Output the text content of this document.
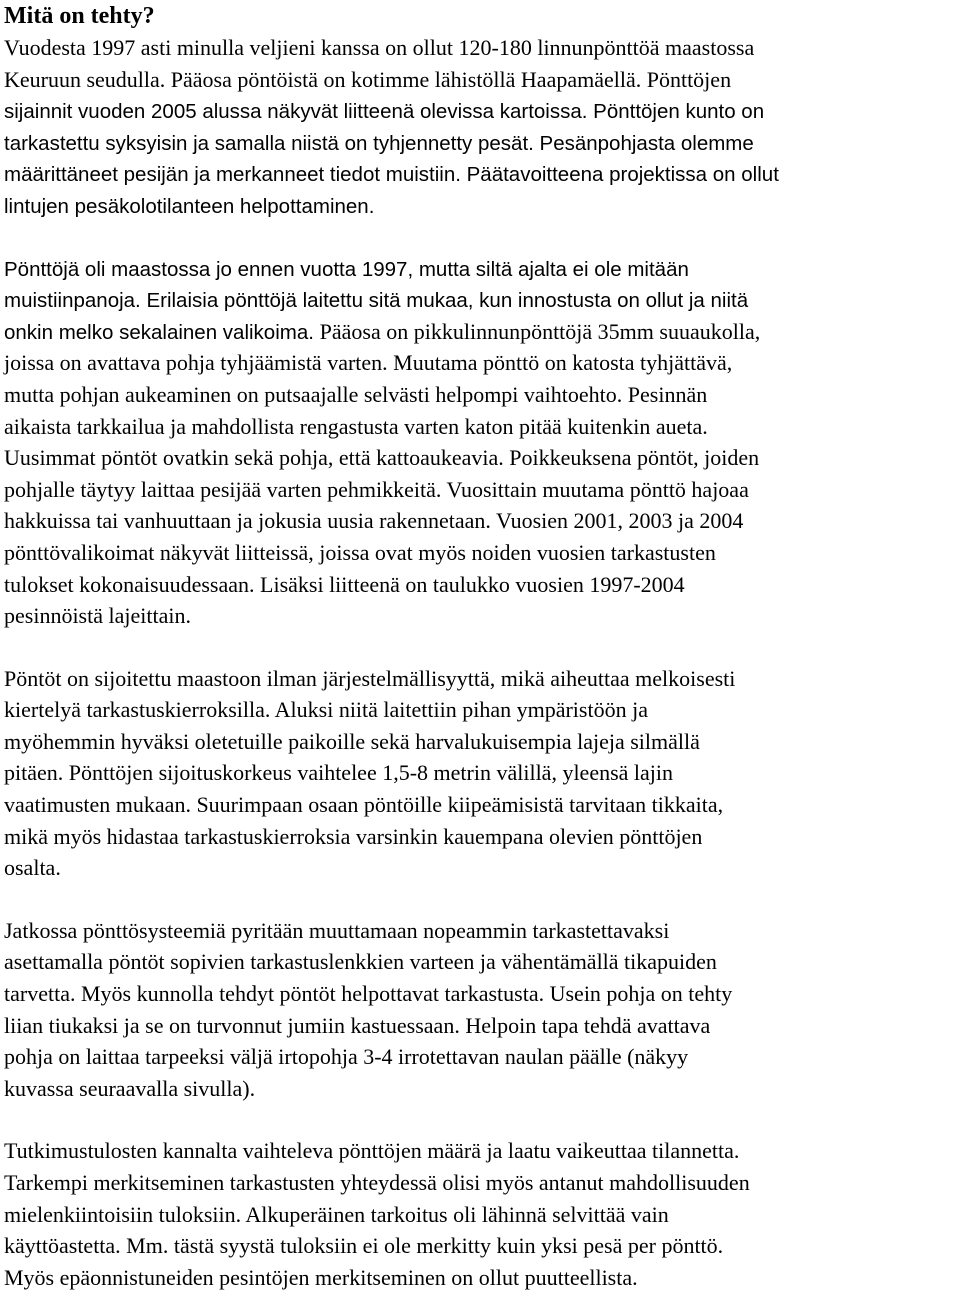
Mitä on tehty?

Vuodesta 1997 asti minulla veljieni kanssa on ollut 120-180 linnunpönttöä maastossa
Keuruun seudulla. Pääosa pöntöistä on kotimme lähistöllä Haapamäellä. Pönttöjen
sijainnit vuoden 2005 alussa näkyvät liitteenä olevissa kartoissa. Pönttöjen kunto on
tarkastettu syksyisin ja samalla niistä on tyhjennetty pesät. Pesänpohjasta olemme
määrittäneet pesijän ja merkanneet tiedot muistiin. Päätavoitteena projektissa on ollut
lintujen pesäkolotilanteen helpottaminen.

Pönttöjä oli maastossa jo ennen vuotta 1997, mutta siltä ajalta ei ole mitään
muistiinpanoja. Erilaisia pönttöjä laitettu sitä mukaa, kun innostusta on ollut ja niitä
onkin melko sekalainen valikoima. Pääosa on pikkulinnunpönttöjä 35mm suuaukolla,
joissa on avattava pohja tyhjäämistä varten. Muutama pönttö on katosta tyhjättävä,
mutta pohjan aukeaminen on putsaajalle selvästi helpompi vaihtoehto. Pesinnän
aikaista tarkkailua ja mahdollista rengastusta varten katon pitää kuitenkin aueta.
Uusimmat pöntöt ovatkin sekä pohja, että kattoaukeavia. Poikkeuksena pöntöt, joiden
pohjalle täytyy laittaa pesijää varten pehmikkeitä. Vuosittain muutama pönttö hajoaa
hakkuissa tai vanhuuttaan ja jokusia uusia rakennetaan. Vuosien 2001, 2003 ja 2004
pönttövalikoimat näkyvät liitteissä, joissa ovat myös noiden vuosien tarkastusten
tulokset kokonaisuudessaan. Lisäksi liitteenä on taulukko vuosien 1997-2004
pesinnöistä lajeittain.

Pöntöt on sijoitettu maastoon ilman järjestelmällisyyttä, mikä aiheuttaa melkoisesti
kiertelyä tarkastuskierroksilla. Aluksi niitä laitettiin pihan ympäristöön ja
myöhemmin hyväksi oletetuille paikoille sekä harvalukuisempia lajeja silmällä
pitäen. Pönttöjen sijoituskorkeus vaihtelee 1,5-8 metrin välillä, yleensä lajin
vaatimusten mukaan. Suurimpaan osaan pöntöille kiipeämisistä tarvitaan tikkaita,
mikä myös hidastaa tarkastuskierroksia varsinkin kauempana olevien pönttöjen
osalta.

Jatkossa pönttösysteemiä pyritään muuttamaan nopeammin tarkastettavaksi
asettamalla pöntöt sopivien tarkastuslenkkien varteen ja vähentämällä tikapuiden
tarvetta. Myös kunnolla tehdyt pöntöt helpottavat tarkastusta. Usein pohja on tehty
liian tiukaksi ja se on turvonnut jumiin kastuessaan. Helpoin tapa tehdä avattava
pohja on laittaa tarpeeksi väljä irtopohja 3-4 irrotettavan naulan päälle (näkyy
kuvassa seuraavalla sivulla).

Tutkimustulosten kannalta vaihteleva pönttöjen määrä ja laatu vaikeuttaa tilannetta.
Tarkempi merkitseminen tarkastusten yhteydessä olisi myös antanut mahdollisuuden
mielenkiintoisiin tuloksiin. Alkuperäinen tarkoitus oli lähinnä selvittää vain
käyttöastetta. Mm. tästä syystä tuloksiin ei ole merkitty kuin yksi pesä per pönttö.
Myös epäonnistuneiden pesintöjen merkitseminen on ollut puutteellista.
